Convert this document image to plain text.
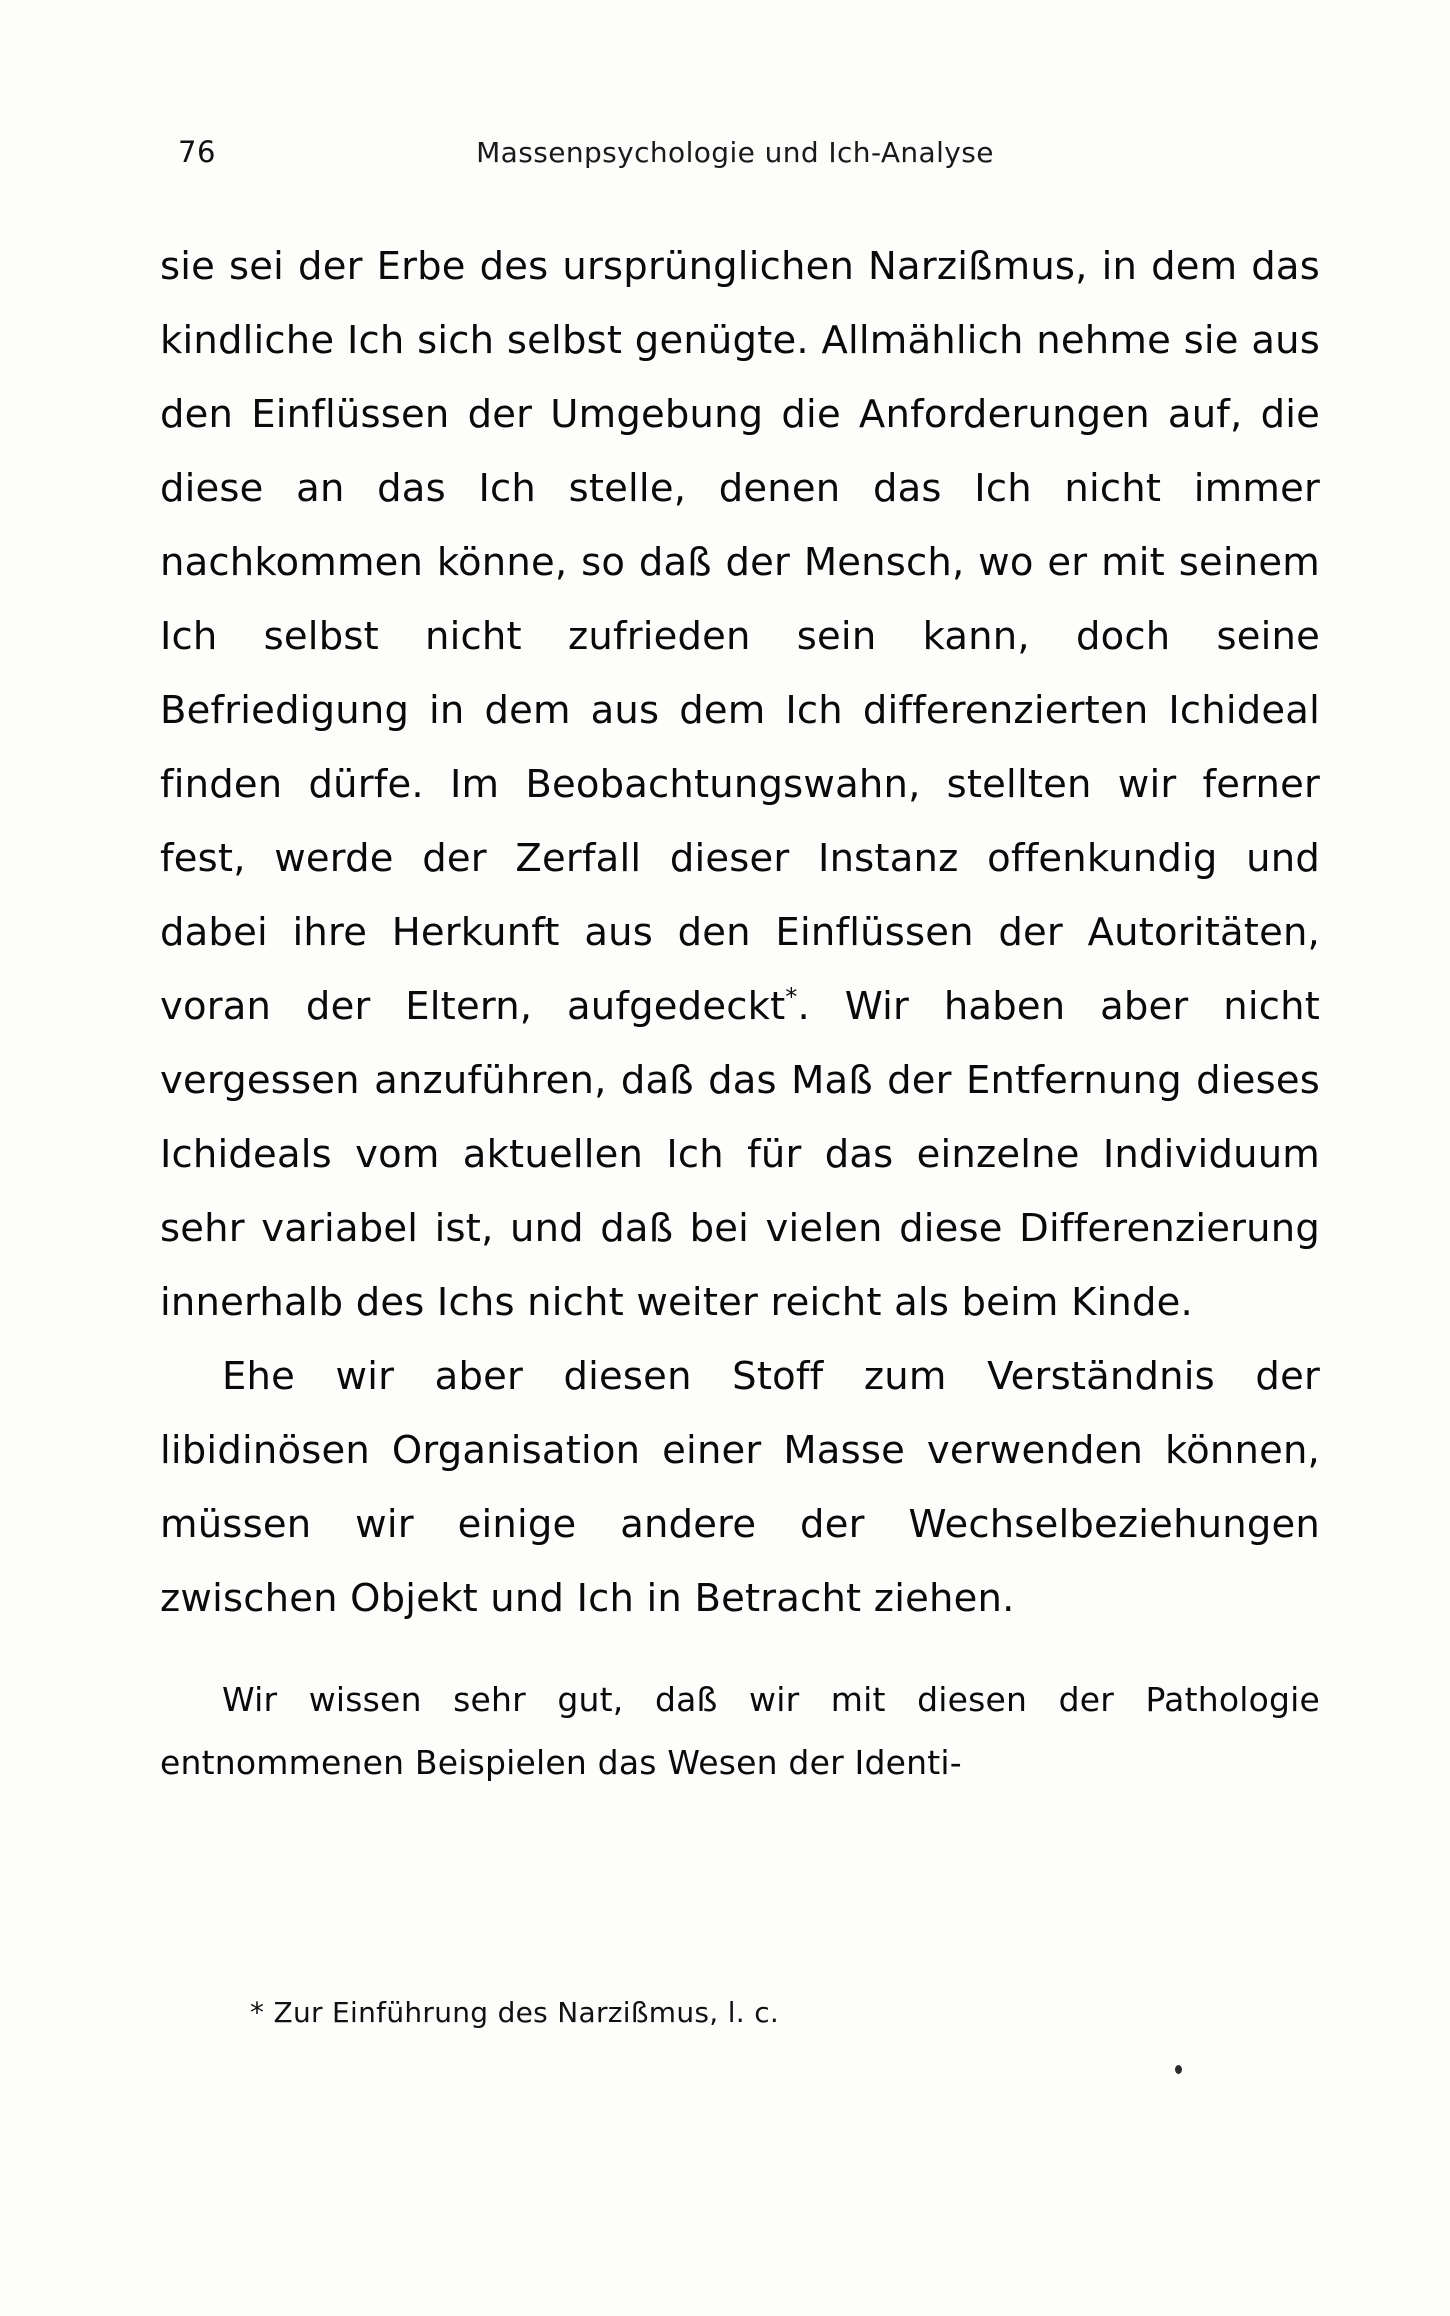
76	Massenpsychologie und Ich-Analyse

sie sei der Erbe des ursprünglichen Narzißmus, in dem das kindliche Ich sich selbst genügte. Allmählich nehme sie aus den Einflüssen der Umgebung die Anforderungen auf, die diese an das Ich stelle, denen das Ich nicht immer nachkommen könne, so daß der Mensch, wo er mit seinem Ich selbst nicht zufrieden sein kann, doch seine Befriedigung in dem aus dem Ich differenzierten Ichideal finden dürfe. Im Beobachtungswahn, stellten wir ferner fest, werde der Zerfall dieser Instanz offenkundig und dabei ihre Herkunft aus den Einflüssen der Autoritäten, voran der Eltern, aufgedeckt*. Wir haben aber nicht vergessen anzuführen, daß das Maß der Entfernung dieses Ichideals vom aktuellen Ich für das einzelne Individuum sehr variabel ist, und daß bei vielen diese Differenzierung innerhalb des Ichs nicht weiter reicht als beim Kinde.

Ehe wir aber diesen Stoff zum Verständnis der libidinösen Organisation einer Masse verwenden können, müssen wir einige andere der Wechselbeziehungen zwischen Objekt und Ich in Betracht ziehen.

Wir wissen sehr gut, daß wir mit diesen der Pathologie entnommenen Beispielen das Wesen der Identi-

* Zur Einführung des Narzißmus, l. c.
